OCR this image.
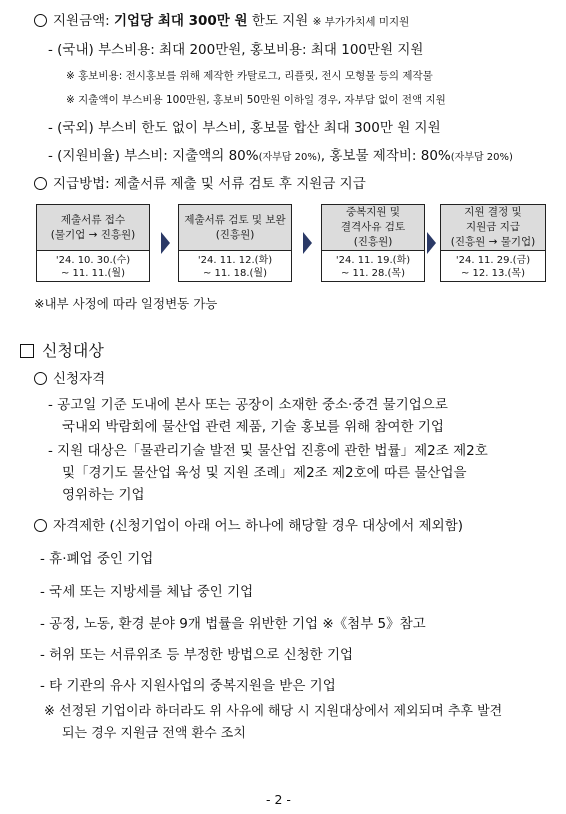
지원금액: 기업당 최대 300만 원 한도 지원 ※ 부가가치세 미지원
- (국내) 부스비용: 최대 200만원, 홍보비용: 최대 100만원 지원
※ 홍보비용: 전시홍보를 위해 제작한 카탈로그, 리플릿, 전시 모형물 등의 제작물
※ 지출액이 부스비용 100만원, 홍보비 50만원 이하일 경우, 자부담 없이 전액 지원
- (국외) 부스비 한도 없이 부스비, 홍보물 합산 최대 300만 원 지원
- (지원비율) 부스비: 지출액의 80%(자부담 20%), 홍보물 제작비: 80%(자부담 20%)
지급방법: 제출서류 제출 및 서류 검토 후 지원금 지급
제출서류 접수
(물기업 → 진흥원)
'24. 10. 30.(수)
~ 11. 11.(월)
제출서류 검토 및 보완
(진흥원)
'24. 11. 12.(화)
~ 11. 18.(월)
중복지원 및
결격사유 검토
(진흥원)
'24. 11. 19.(화)
~ 11. 28.(목)
지원 결정 및
지원금 지급
(진흥원 → 물기업)
'24. 11. 29.(금)
~ 12. 13.(목)
※내부 사정에 따라 일정변동 가능
신청대상
신청자격
- 공고일 기준 도내에 본사 또는 공장이 소재한 중소·중견 물기업으로
국내외 박람회에 물산업 관련 제품, 기술 홍보를 위해 참여한 기업
- 지원 대상은「물관리기술 발전 및 물산업 진흥에 관한 법률」제2조 제2호
및「경기도 물산업 육성 및 지원 조례」제2조 제2호에 따른 물산업을
영위하는 기업
자격제한 (신청기업이 아래 어느 하나에 해당할 경우 대상에서 제외함)
- 휴·폐업 중인 기업
- 국세 또는 지방세를 체납 중인 기업
- 공정, 노동, 환경 분야 9개 법률을 위반한 기업 ※《첨부 5》참고
- 허위 또는 서류위조 등 부정한 방법으로 신청한 기업
- 타 기관의 유사 지원사업의 중복지원을 받은 기업
※ 선정된 기업이라 하더라도 위 사유에 해당 시 지원대상에서 제외되며 추후 발견
되는 경우 지원금 전액 환수 조치
- 2 -
